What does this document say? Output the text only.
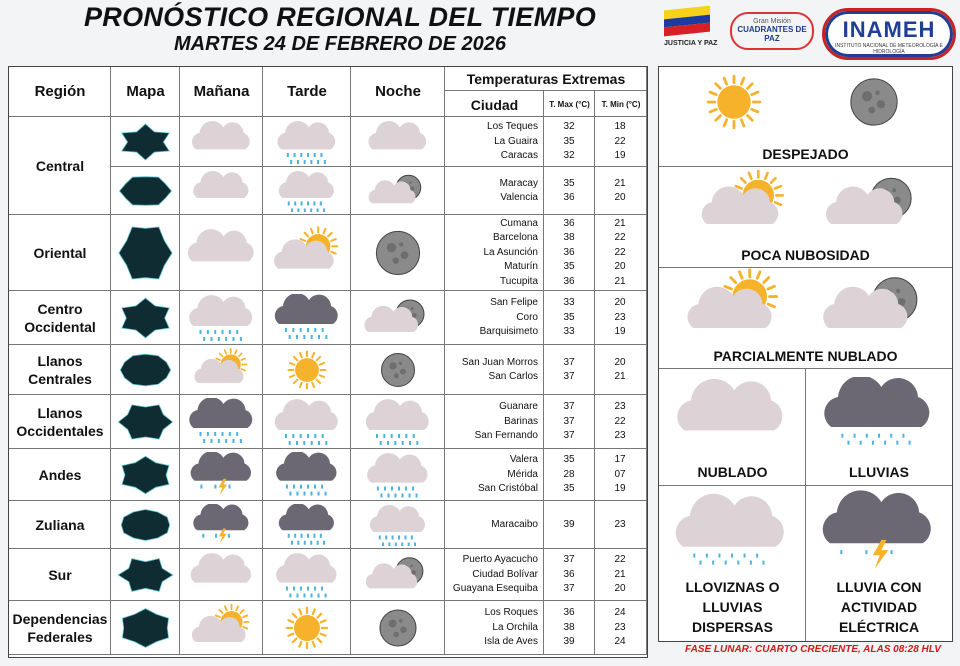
PRONÓSTICO REGIONAL DEL TIEMPO
MARTES 24 DE FEBRERO DE 2026	JUSTICIA Y PAZ
Gran Misión
CUADRANTES DE PAZ	INAMEH
INSTITUTO NACIONAL DE METEOROLOGÍA E HIDROLOGÍA
Región	Mapa	Mañana	Tarde	Noche
Temperaturas Extremas
Ciudad	T. Max (°C)	T. Min (°C)
Central
Los Teques	32	18
La Guaira	35	22
Caracas	32	19
Maracay	35	21
Valencia	36	20
Oriental
Cumana	36	21
Barcelona	38	22
La Asunción	36	22
Maturín	35	20
Tucupita	36	21
Centro Occidental
San Felipe	33	20
Coro	35	23
Barquisimeto	33	19
Llanos Centrales
San Juan Morros	37	20
San Carlos	37	21
Llanos Occidentales
Guanare	37	23
Barinas	37	22
San Fernando	37	23
Andes
Valera	35	17
Mérida	28	07
San Cristóbal	35	19
Zuliana	Maracaibo	39	23
Sur
Puerto Ayacucho	37	22
Ciudad Bolívar	36	21
Guayana Esequiba	37	20
Dependencias Federales
Los Roques	36	24
La Orchila	38	23
Isla de Aves	39	24
DESPEJADO
POCA NUBOSIDAD
PARCIALMENTE NUBLADO
NUBLADO	LLUVIAS
LLOVIZNAS O LLUVIAS DISPERSAS
LLUVIA CON ACTIVIDAD ELÉCTRICA
FASE LUNAR: CUARTO CRECIENTE, ALAS 08:28 HLV
